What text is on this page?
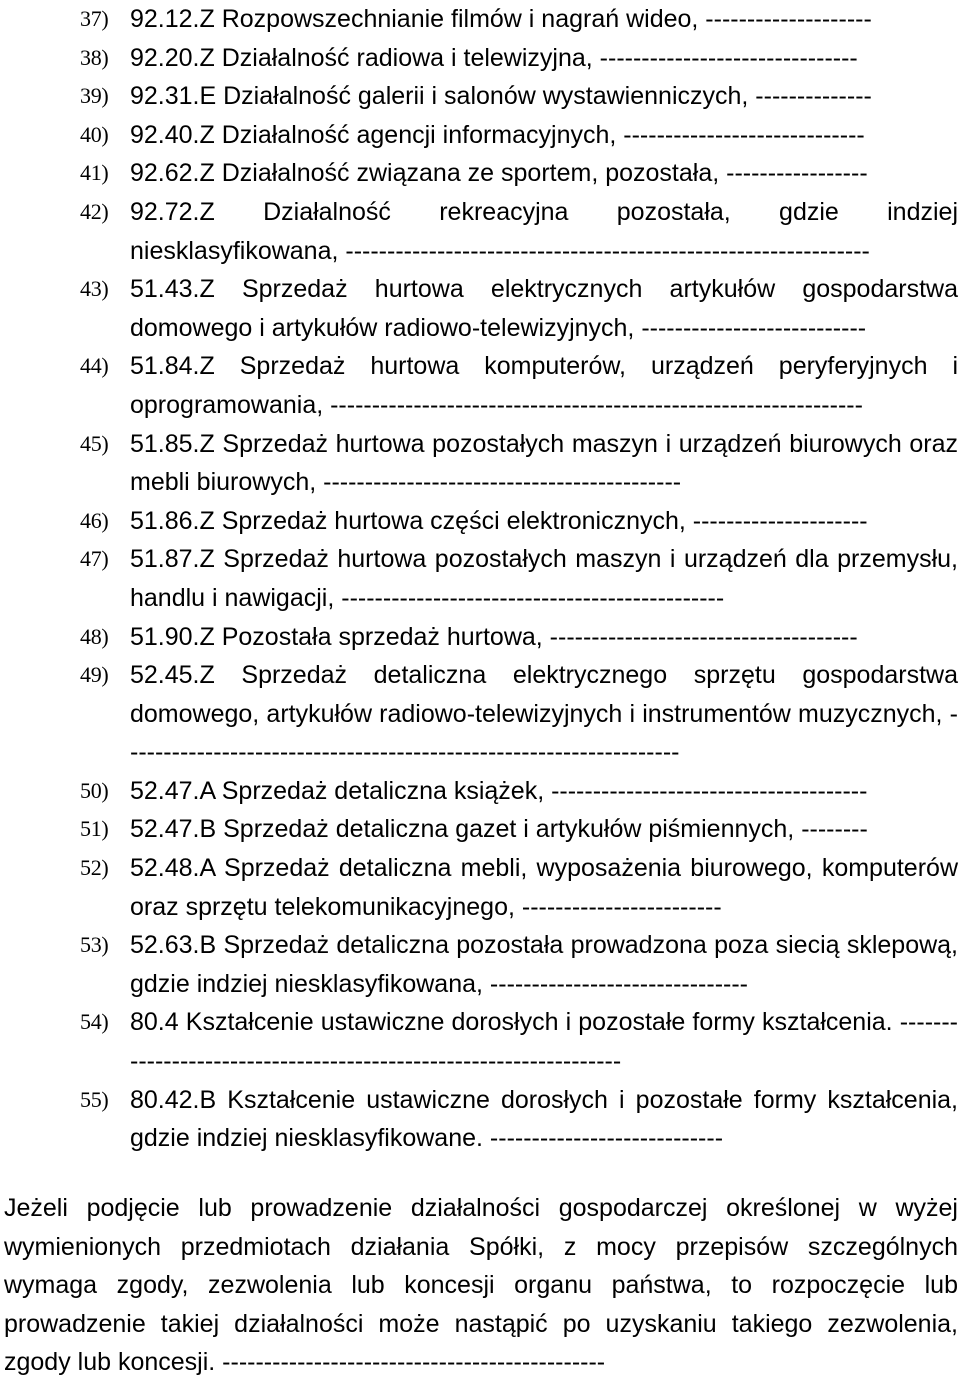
37) 92.12.Z Rozpowszechnianie filmów i nagrań wideo, --------------------
38) 92.20.Z Działalność radiowa i telewizyjna, -------------------------------
39) 92.31.E Działalność galerii i salonów wystawienniczych, --------------
40) 92.40.Z Działalność agencji informacyjnych, -----------------------------
41) 92.62.Z Działalność związana ze sportem, pozostała, -----------------
42) 92.72.Z Działalność rekreacyjna pozostała, gdzie indziej niesklasyfikowana, ---------------------------------------------------------------
43) 51.43.Z Sprzedaż hurtowa elektrycznych artykułów gospodarstwa domowego i artykułów radiowo-telewizyjnych, ---------------------------
44) 51.84.Z Sprzedaż hurtowa komputerów, urządzeń peryferyjnych i oprogramowania, ----------------------------------------------------------------
45) 51.85.Z Sprzedaż hurtowa pozostałych maszyn i urządzeń biurowych oraz mebli biurowych, -------------------------------------------
46) 51.86.Z Sprzedaż hurtowa części elektronicznych, ---------------------
47) 51.87.Z Sprzedaż hurtowa pozostałych maszyn i urządzeń dla przemysłu, handlu i nawigacji, ----------------------------------------------
48) 51.90.Z Pozostała sprzedaż hurtowa, -------------------------------------
49) 52.45.Z Sprzedaż detaliczna elektrycznego sprzętu gospodarstwa domowego, artykułów radiowo-telewizyjnych i instrumentów muzycznych, -------------------------------------------------------------------
50) 52.47.A Sprzedaż detaliczna książek, --------------------------------------
51) 52.47.B Sprzedaż detaliczna gazet i artykułów piśmiennych, --------
52) 52.48.A Sprzedaż detaliczna mebli, wyposażenia biurowego, komputerów oraz sprzętu telekomunikacyjnego, ------------------------
53) 52.63.B Sprzedaż detaliczna pozostała prowadzona poza siecią sklepową, gdzie indziej niesklasyfikowana, -------------------------------
54) 80.4 Kształcenie ustawiczne dorosłych i pozostałe formy kształcenia. ------------------------------------------------------------------
55) 80.42.B Kształcenie ustawiczne dorosłych i pozostałe formy kształcenia, gdzie indziej niesklasyfikowane. ----------------------------

Jeżeli podjęcie lub prowadzenie działalności gospodarczej określonej w wyżej wymienionych przedmiotach działania Spółki, z mocy przepisów szczególnych wymaga zgody, zezwolenia lub koncesji organu państwa, to rozpoczęcie lub prowadzenie takiej działalności może nastąpić po uzyskaniu takiego zezwolenia, zgody lub koncesji. ----------------------------------------------
